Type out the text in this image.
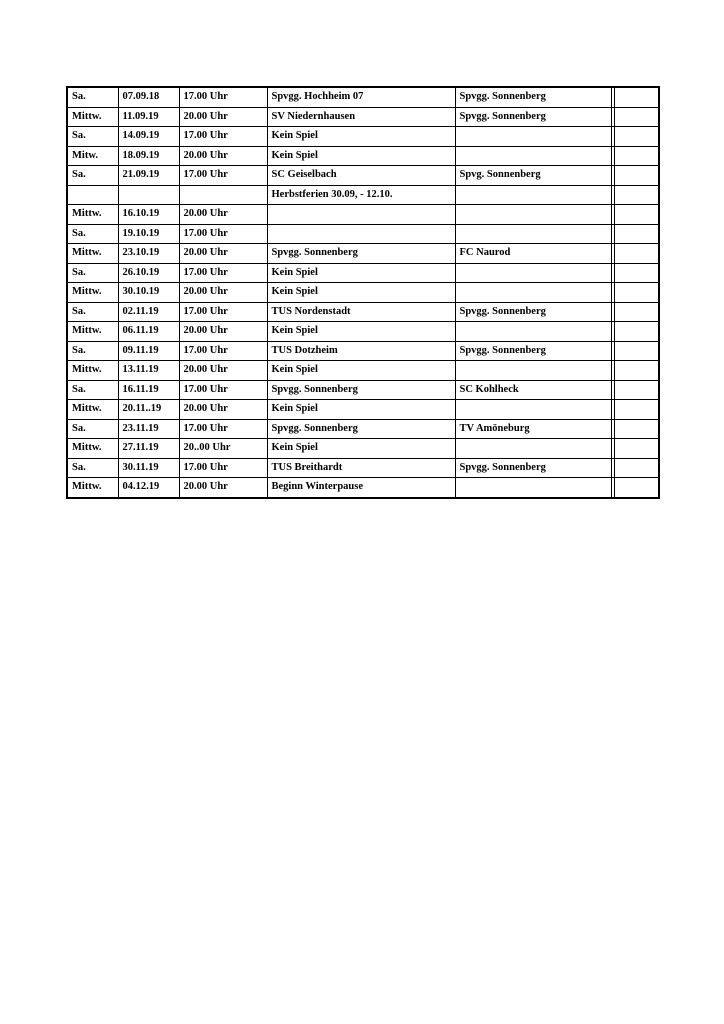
Sa.	07.09.18	17.00 Uhr	Spvgg. Hochheim 07	Spvgg. Sonnenberg		
Mittw.	11.09.19	20.00 Uhr	SV Niedernhausen	Spvgg. Sonnenberg		
Sa.	14.09.19	17.00 Uhr	Kein Spiel			
Mitw.	18.09.19	20.00 Uhr	Kein Spiel			
Sa.	21.09.19	17.00 Uhr	SC Geiselbach	Spvg. Sonnenberg		
			Herbstferien 30.09, - 12.10.			
Mittw.	16.10.19	20.00 Uhr				
Sa.	19.10.19	17.00 Uhr				
Mittw.	23.10.19	20.00 Uhr	Spvgg. Sonnenberg	FC Naurod		
Sa.	26.10.19	17.00 Uhr	Kein Spiel			
Mittw.	30.10.19	20.00 Uhr	Kein Spiel			
Sa.	02.11.19	17.00 Uhr	TUS Nordenstadt	Spvgg. Sonnenberg		
Mittw.	06.11.19	20.00 Uhr	Kein Spiel			
Sa.	09.11.19	17.00 Uhr	TUS Dotzheim	Spvgg. Sonnenberg		
Mittw.	13.11.19	20.00 Uhr	Kein Spiel			
Sa.	16.11.19	17.00 Uhr	Spvgg. Sonnenberg	SC Kohlheck		
Mittw.	20.11..19	20.00 Uhr	Kein Spiel			
Sa.	23.11.19	17.00 Uhr	Spvgg. Sonnenberg	TV Amöneburg		
Mittw.	27.11.19	20..00 Uhr	Kein Spiel			
Sa.	30.11.19	17.00 Uhr	TUS Breithardt	Spvgg. Sonnenberg		
Mittw.	04.12.19	20.00 Uhr	Beginn Winterpause			
